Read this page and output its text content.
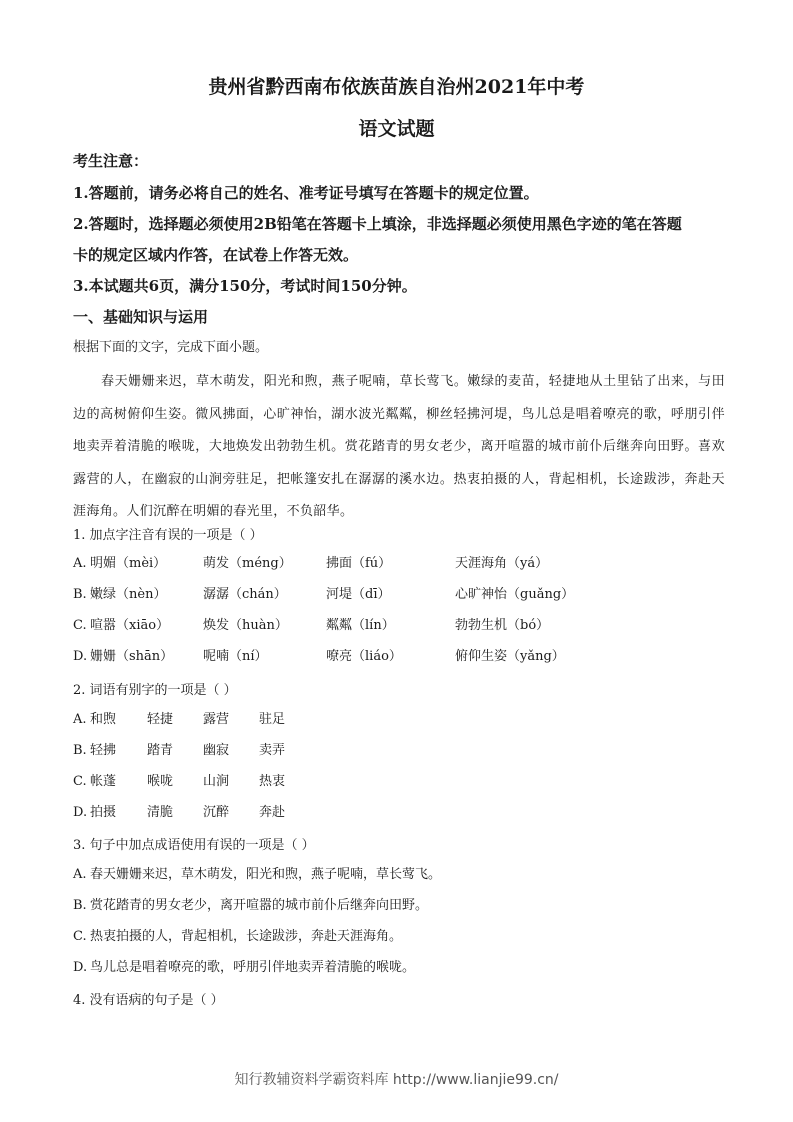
贵州省黔西南布依族苗族自治州2021年中考
语文试题
考生注意：
1.答题前，请务必将自己的姓名、准考证号填写在答题卡的规定位置。
2.答题时，选择题必须使用2B铅笔在答题卡上填涂，非选择题必须使用黑色字迹的笔在答题
卡的规定区域内作答，在试卷上作答无效。
3.本试题共6页，满分150分，考试时间150分钟。
一、基础知识与运用
根据下面的文字，完成下面小题。
春天姗姗来迟，草木萌发，阳光和煦，燕子呢喃，草长莺飞。嫩绿的麦苗，轻捷地从土里钻了出来，与田边的高树俯仰生姿。微风拂面，心旷神怡，湖水波光粼粼，柳丝轻拂河堤，鸟儿总是唱着嘹亮的歌，呼朋引伴地卖弄着清脆的喉咙，大地焕发出勃勃生机。赏花踏青的男女老少，离开喧嚣的城市前仆后继奔向田野。喜欢露营的人，在幽寂的山涧旁驻足，把帐篷安扎在潺潺的溪水边。热衷拍摄的人，背起相机，长途跋涉，奔赴天涯海角。人们沉醉在明媚的春光里，不负韶华。
1. 加点字注音有误的一项是（ ）
A. 明媚（mèi）	萌发（méng）	拂面（fú）	天涯海角（yá）
B. 嫩绿（nèn）	潺潺（chán）	河堤（dī）	心旷神怡（guǎng）
C. 喧嚣（xiāo）	焕发（huàn）	粼粼（lín）	勃勃生机（bó）
D. 姗姗（shān） 呢喃（ní）	嘹亮（liáo）	俯仰生姿（yǎng）
2. 词语有别字的一项是（ ）
A. 和煦 轻捷 露营 驻足
B. 轻拂 踏青 幽寂 卖弄
C. 帐蓬 喉咙 山涧 热衷
D. 拍摄 清脆 沉醉 奔赴
3. 句子中加点成语使用有误的一项是（ ）
A. 春天姗姗来迟，草木萌发，阳光和煦，燕子呢喃，草长莺飞。
B. 赏花踏青的男女老少，离开喧嚣的城市前仆后继奔向田野。
C. 热衷拍摄的人，背起相机，长途跋涉，奔赴天涯海角。
D. 鸟儿总是唱着嘹亮的歌，呼朋引伴地卖弄着清脆的喉咙。
4. 没有语病的句子是（ ）
知行教辅资料学霸资料库 http://www.lianjie99.cn/
